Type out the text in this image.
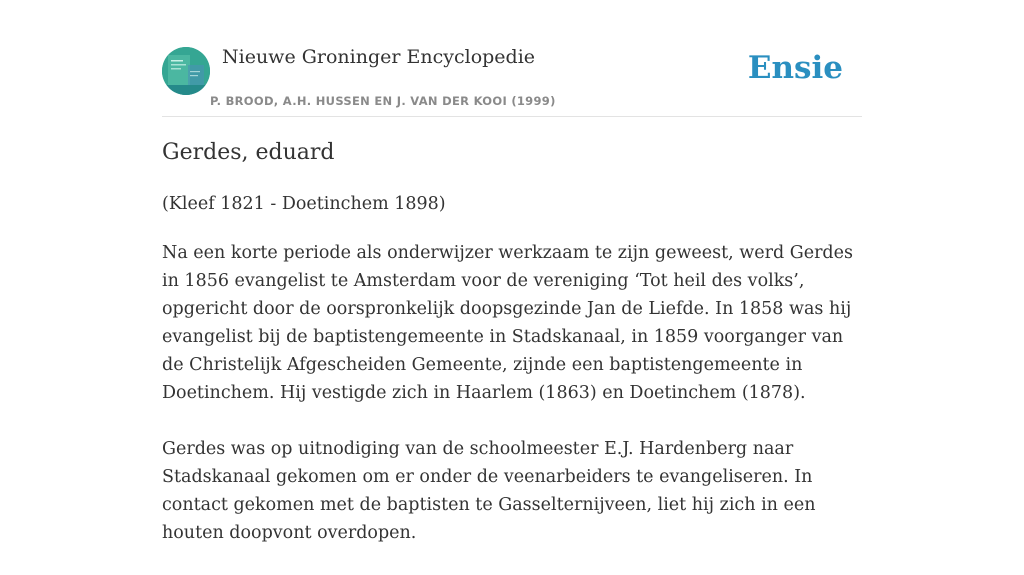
Nieuwe Groninger Encyclopedie
P. BROOD, A.H. HUSSEN EN J. VAN DER KOOI (1999)
Ensie
Gerdes, eduard

(Kleef 1821 - Doetinchem 1898)

Na een korte periode als onderwijzer werkzaam te zijn geweest, werd Gerdes in 1856 evangelist te Amsterdam voor de vereniging ‘Tot heil des volks’, opgericht door de oorspronkelijk doopsgezinde Jan de Liefde. In 1858 was hij evangelist bij de baptistengemeente in Stadskanaal, in 1859 voorganger van de Christelijk Afgescheiden Gemeente, zijnde een baptistengemeente in Doetinchem. Hij vestigde zich in Haarlem (1863) en Doetinchem (1878).

Gerdes was op uitnodiging van de schoolmeester E.J. Hardenberg naar Stadskanaal gekomen om er onder de veenarbeiders te evangeliseren. In contact gekomen met de baptisten te Gasselternijveen, liet hij zich in een houten doopvont overdopen.
